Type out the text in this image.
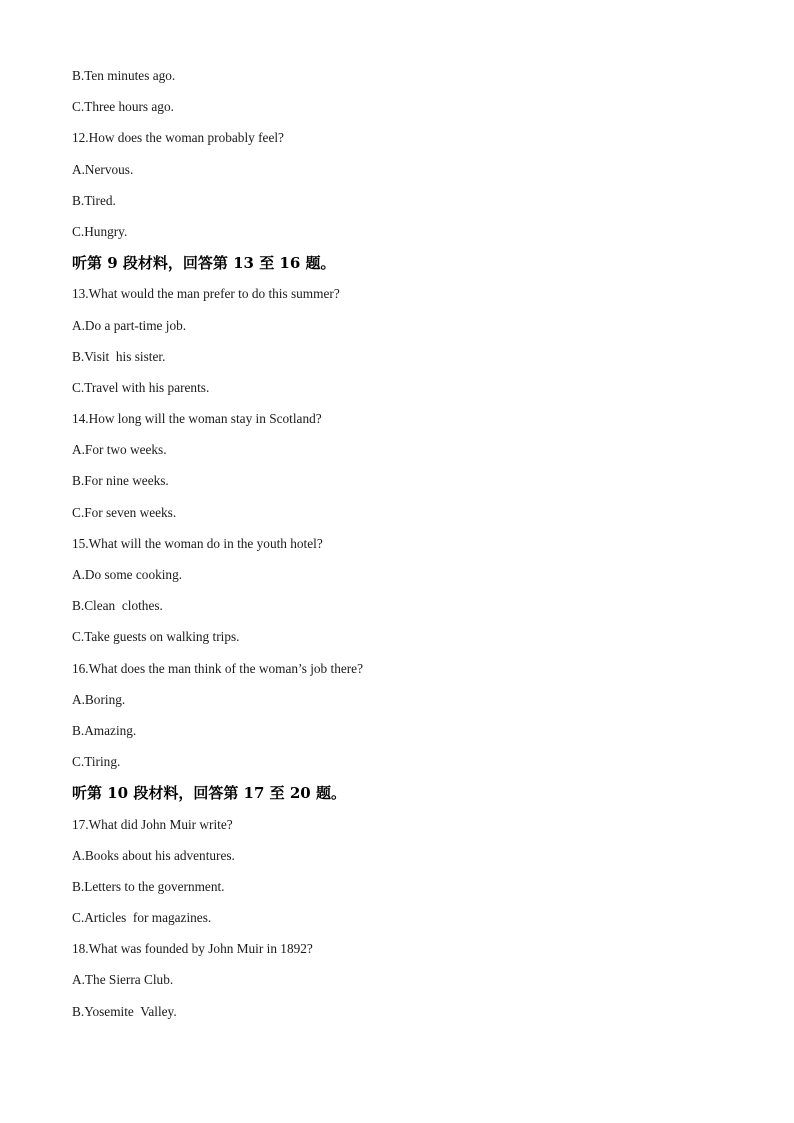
B.Ten minutes ago.
C.Three hours ago.
12.How does the woman probably feel?
A.Nervous.
B.Tired.
C.Hungry.
听第 9 段材料，回答第 13 至 16 题。
13.What would the man prefer to do this summer?
A.Do a part-time job.
B.Visit  his sister.
C.Travel with his parents.
14.How long will the woman stay in Scotland?
A.For two weeks.
B.For nine weeks.
C.For seven weeks.
15.What will the woman do in the youth hotel?
A.Do some cooking.
B.Clean  clothes.
C.Take guests on walking trips.
16.What does the man think of the woman’s job there?
A.Boring.
B.Amazing.
C.Tiring.
听第 10 段材料，回答第 17 至 20 题。
17.What did John Muir write?
A.Books about his adventures.
B.Letters to the government.
C.Articles  for magazines.
18.What was founded by John Muir in 1892?
A.The Sierra Club.
B.Yosemite  Valley.
